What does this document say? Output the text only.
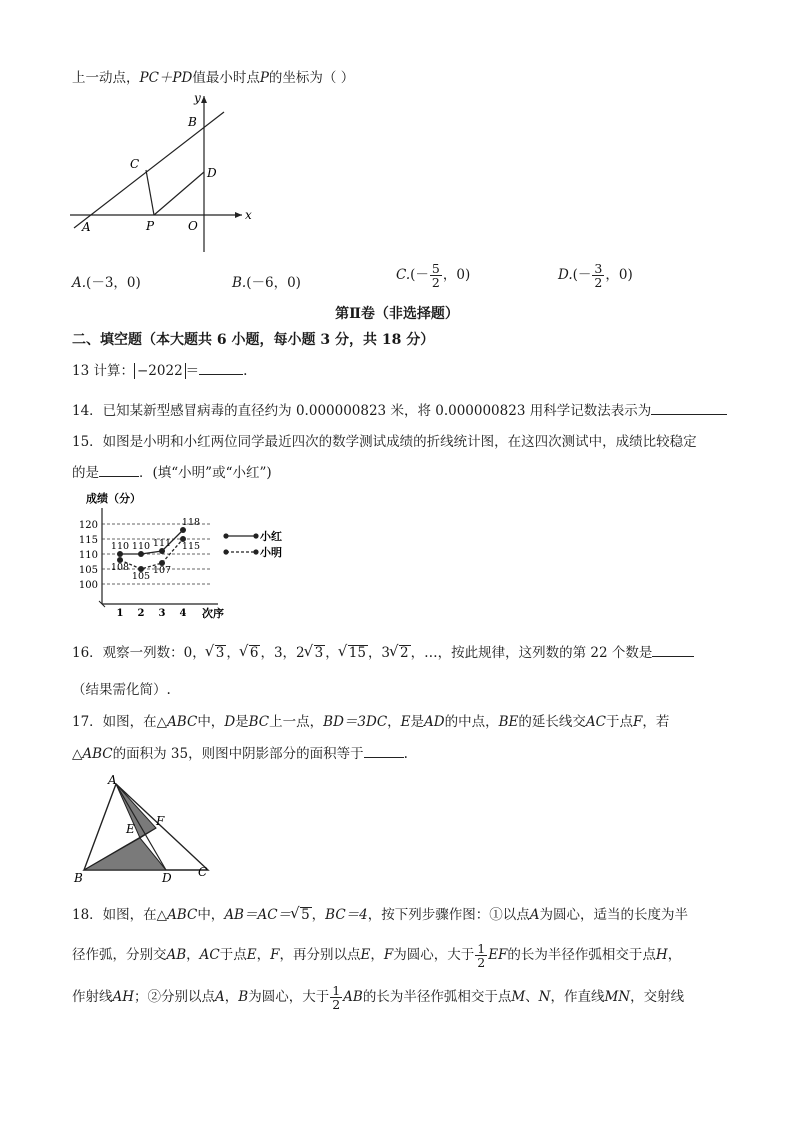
上一动点，PC＋PD值最小时点P的坐标为（ ）
y
x
B
C
D
A	P	O
A.(－3，0)	B.(－6，0)	$C.(- \frac{5}{2}$ ，0)	$D.(- \frac{3}{2}$ ，0)
第Ⅱ卷（非选择题）
二、填空题（本大题共 6 小题，每小题 3 分，共 18 分）
13 计算： −2022 ＝	.
14．已知某新型感冒病毒的直径约为 0.000000823 米，将 0.000000823 用科学记数法表示为
15．如图是小明和小红两位同学最近四次的数学测试成绩的折线统计图，在这四次测试中，成绩比较稳定
的是	．(填“小明”或“小红”)
成绩（分）
次序
120
115
110
105
100
1 2 3 4
110 110 111
118
108
105
107
115
小红
小明
16．观察一列数：0， √ 3 ， √ 6 ，3，2 √ 3 ， √ 15 ，3 √ 2 ，…，按此规律，这列数的第 22 个数是
（结果需化简）.
17．如图，在△ABC中，D是BC上一点，BD＝3DC，E是AD的中点，BE的延长线交AC于点F，若
△ABC的面积为 35，则图中阴影部分的面积等于	.
A
E
F
B	D C
18．如图，在△ABC中，AB＝AC＝ √ 5 ，BC＝4，按下列步骤作图：①以点A为圆心，适当的长度为半
径作弧，分别交AB，AC于点E，F，再分别以点E，F为圆心，大于 $\frac{1}{2}$ EF的长为半径作弧相交于点H，
作射线AH；②分别以点A，B为圆心，大于 $\frac{1}{2}$ AB的长为半径作弧相交于点M、N，作直线MN，交射线
